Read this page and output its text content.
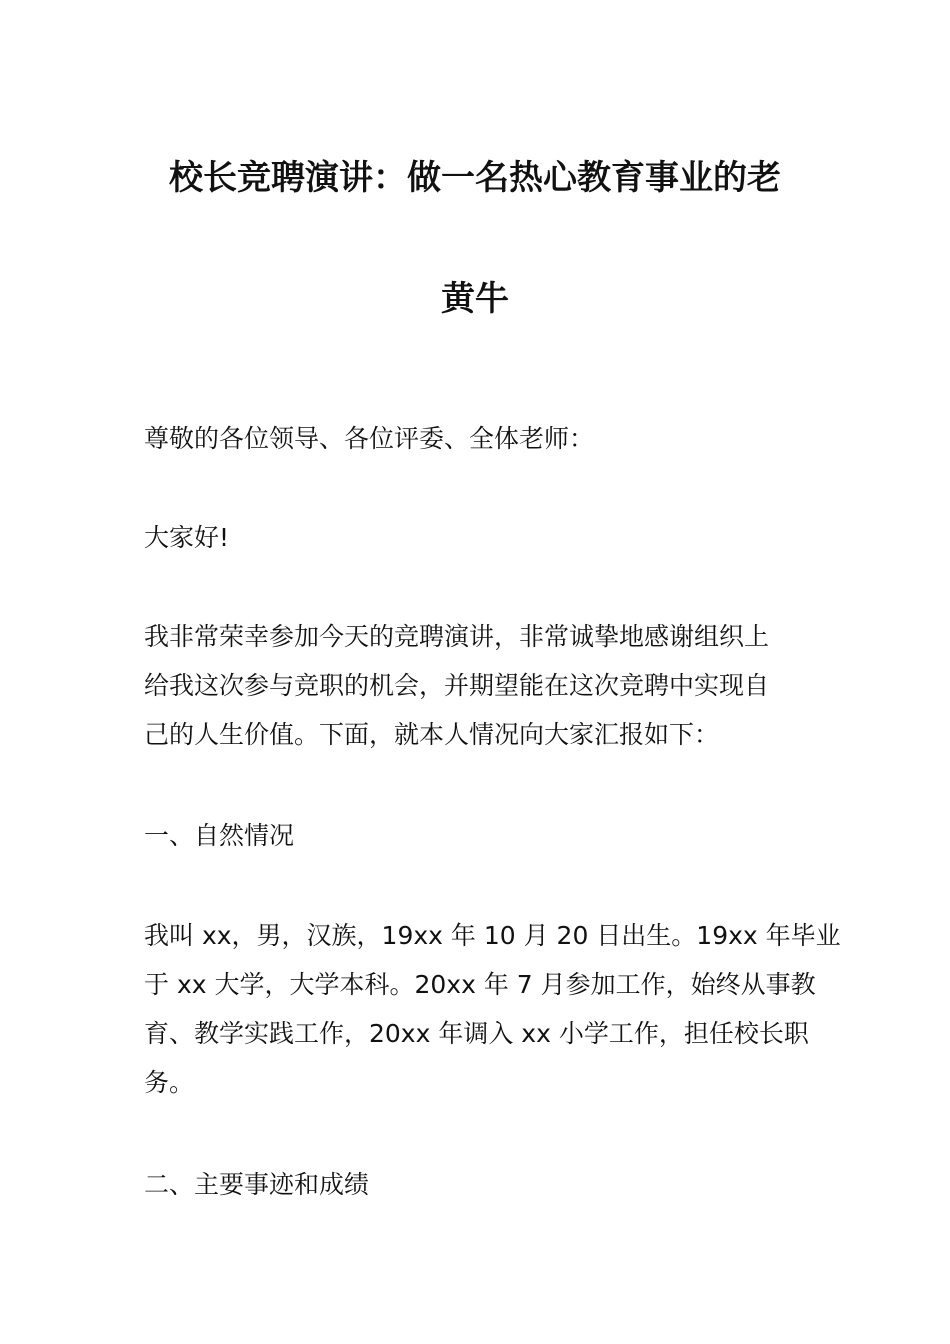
校长竞聘演讲：做一名热心教育事业的老
黄牛

尊敬的各位领导、各位评委、全体老师：

大家好!

我非常荣幸参加今天的竞聘演讲，非常诚挚地感谢组织上
给我这次参与竞职的机会，并期望能在这次竞聘中实现自
己的人生价值。下面，就本人情况向大家汇报如下：

一、自然情况

我叫 xx，男，汉族，19xx 年 10 月 20 日出生。19xx 年毕业
于 xx 大学，大学本科。20xx 年 7 月参加工作，始终从事教
育、教学实践工作，20xx 年调入 xx 小学工作，担任校长职
务。

二、主要事迹和成绩
